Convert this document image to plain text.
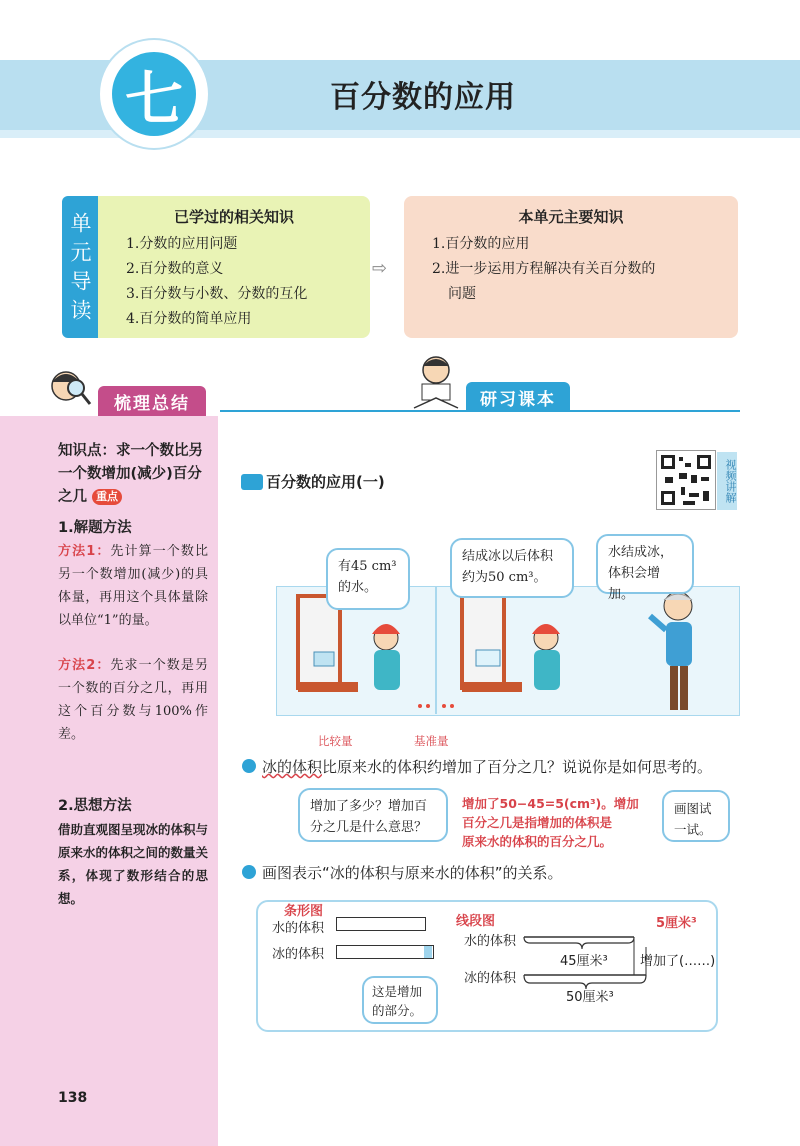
七	百分数的应用
单元导读	已学过的相关知识
1.分数的应用问题
2.百分数的意义
3.百分数与小数、分数的互化
4.百分数的简单应用
⇨
本单元主要知识
1.百分数的应用
2.进一步运用方程解决有关百分数的
问题
梳理总结	研习课本
知识点：求一个数比另一个数增加(减少)百分之几 重点
1.解题方法
方法1：先计算一个数比另一个数增加(减少)的具体量，再用这个具体量除以单位“1”的量。
方法2：先求一个数是另一个数的百分之几，再用这个百分数与100%作差。
2.思想方法
借助直观图呈现冰的体积与原来水的体积之间的数量关系，体现了数形结合的思想。
138
百分数的应用(一)	视频讲解
有45 cm³的水。
结成冰以后体积约为50 cm³。
水结成冰，体积会增加。
比较量	基准量
冰的体积比原来水的体积约增加了百分之几？说说你是如何思考的。
增加了多少？增加百分之几是什么意思？
增加了50−45=5(cm³)。增加
百分之几是指增加的体积是
原来水的体积的百分之几。
画图试一试。
画图表示“冰的体积与原来水的体积”的关系。
条形图
水的体积
冰的体积
这是增加的部分。
线段图
水的体积
冰的体积
45厘米³
50厘米³
增加了(……)
5厘米³
